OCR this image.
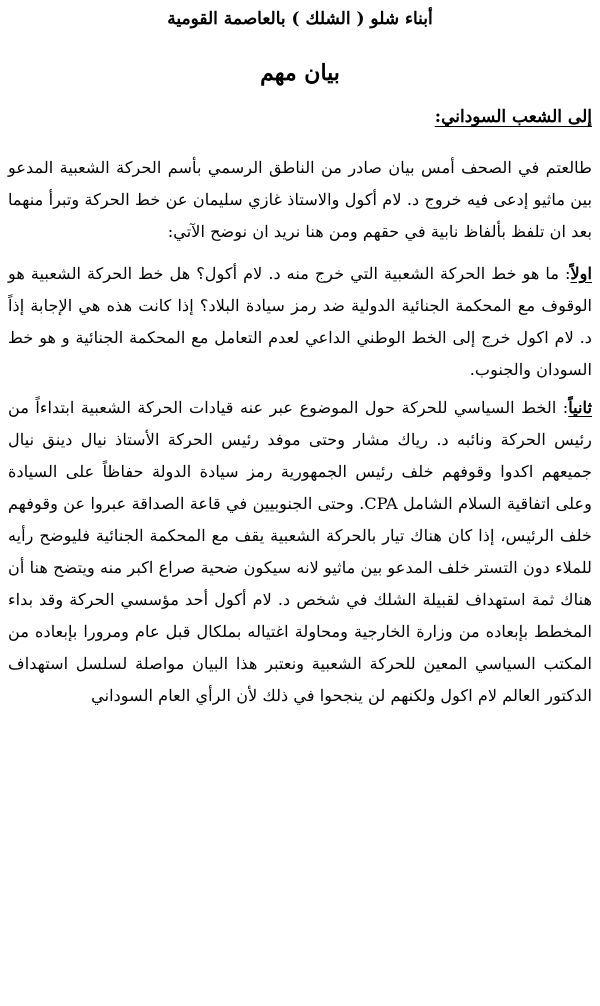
أبناء شلو ( الشلك ) بالعاصمة القومية
بيان مهم
إلى الشعب السوداني:

طالعتم في الصحف أمس بيان صادر من الناطق الرسمي بأسم الحركة الشعبية المدعو بين ماثيو إدعى فيه خروج د. لام أكول والاستاذ غازي سليمان عن خط الحركة وتبرأ منهما بعد ان تلفظ بألفاظ نابية في حقهم ومن هنا نريد ان نوضح الآتي:

اولاً: ما هو خط الحركة الشعبية التي خرج منه د. لام أكول؟ هل خط الحركة الشعبية هو الوقوف مع المحكمة الجنائية الدولية ضد رمز سيادة البلاد؟ إذا كانت هذه هي الإجابة إذاً د. لام اكول خرج إلى الخط الوطني الداعي لعدم التعامل مع المحكمة الجنائية و هو خط السودان والجنوب.

ثانياً: الخط السياسي للحركة حول الموضوع عبر عنه قيادات الحركة الشعبية ابتداءاً من رئيس الحركة ونائبه د. رياك مشار وحتى موفد رئيس الحركة الأستاذ نيال دينق نيال جميعهم اكدوا وقوفهم خلف رئيس الجمهورية رمز سيادة الدولة حفاظاً على السيادة وعلى اتفاقية السلام الشامل CPA. وحتى الجنوبيين في قاعة الصداقة عبروا عن وقوفهم خلف الرئيس، إذا كان هناك تيار بالحركة الشعبية يقف مع المحكمة الجنائية فليوضح رأيه للملاء دون التستر خلف المدعو بين ماثيو لانه سيكون ضحية صراع اكبر منه ويتضح هنا أن هناك ثمة استهداف لقبيلة الشلك في شخص د. لام أكول أحد مؤسسي الحركة وقد بداء المخطط بإبعاده من وزارة الخارجية ومحاولة اغتياله بملكال قبل عام ومرورا بإبعاده من المكتب السياسي المعين للحركة الشعبية ونعتبر هذا البيان مواصلة لسلسل استهداف الدكتور العالم لام اكول ولكنهم لن ينجحوا في ذلك لأن الرأي العام السوداني
